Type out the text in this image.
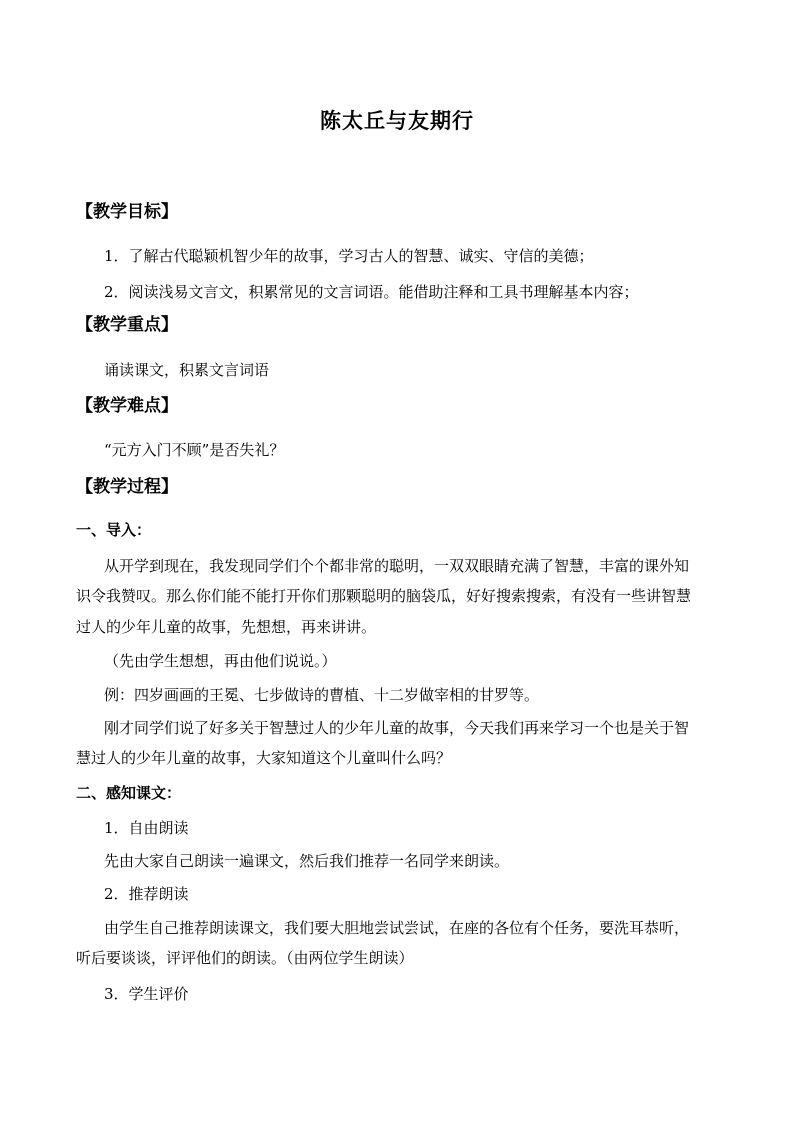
陈太丘与友期行
【教学目标】
1．了解古代聪颖机智少年的故事，学习古人的智慧、诚实、守信的美德；
2．阅读浅易文言文，积累常见的文言词语。能借助注释和工具书理解基本内容；
【教学重点】
诵读课文，积累文言词语
【教学难点】
“元方入门不顾”是否失礼？
【教学过程】
一、导入：
从开学到现在，我发现同学们个个都非常的聪明，一双双眼睛充满了智慧，丰富的课外知
识令我赞叹。那么你们能不能打开你们那颗聪明的脑袋瓜，好好搜索搜索，有没有一些讲智慧
过人的少年儿童的故事，先想想，再来讲讲。
（先由学生想想，再由他们说说。）
例：四岁画画的王冕、七步做诗的曹植、十二岁做宰相的甘罗等。
刚才同学们说了好多关于智慧过人的少年儿童的故事，今天我们再来学习一个也是关于智
慧过人的少年儿童的故事，大家知道这个儿童叫什么吗？
二、感知课文：
1．自由朗读
先由大家自己朗读一遍课文，然后我们推荐一名同学来朗读。
2．推荐朗读
由学生自己推荐朗读课文，我们要大胆地尝试尝试，在座的各位有个任务，要洗耳恭听，
听后要谈谈，评评他们的朗读。（由两位学生朗读）
3．学生评价
